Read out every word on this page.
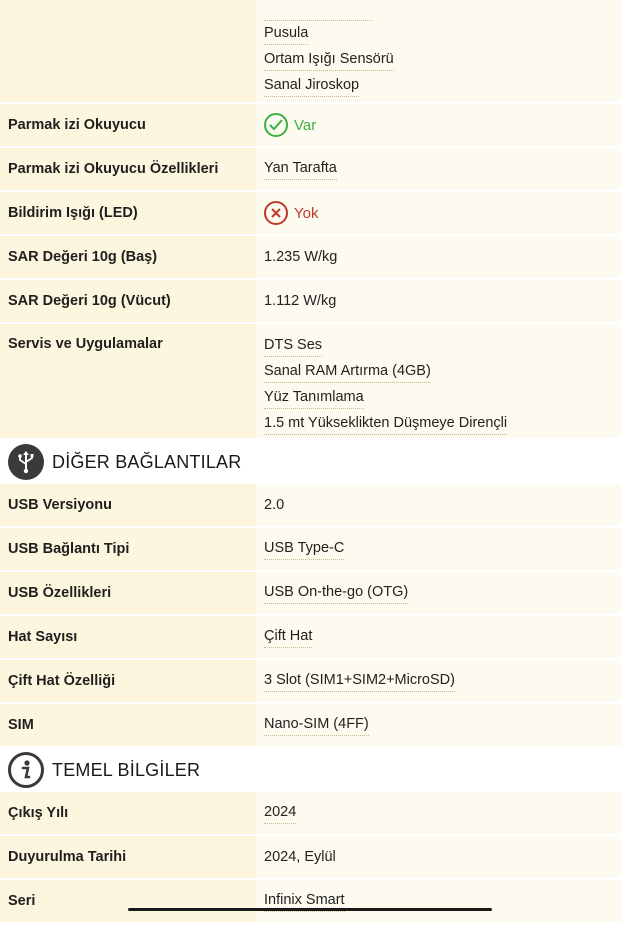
Pusula
Ortam Işığı Sensörü
Sanal Jiroskop
Parmak izi Okuyucu	Var
Parmak izi Okuyucu Özellikleri	Yan Tarafta
Bildirim Işığı (LED)	Yok
SAR Değeri 10g (Baş)	1.235 W/kg
SAR Değeri 10g (Vücut)	1.112 W/kg
Servis ve Uygulamalar	DTS Ses
Sanal RAM Artırma (4GB)
Yüz Tanımlama
1.5 mt Yükseklikten Düşmeye Dirençli
DİĞER BAĞLANTILAR
USB Versiyonu	2.0
USB Bağlantı Tipi	USB Type-C
USB Özellikleri	USB On-the-go (OTG)
Hat Sayısı	Çift Hat
Çift Hat Özelliği	3 Slot (SIM1+SIM2+MicroSD)
SIM	Nano-SIM (4FF)
TEMEL BİLGİLER
Çıkış Yılı	2024
Duyurulma Tarihi	2024, Eylül
Seri	Infinix Smart
